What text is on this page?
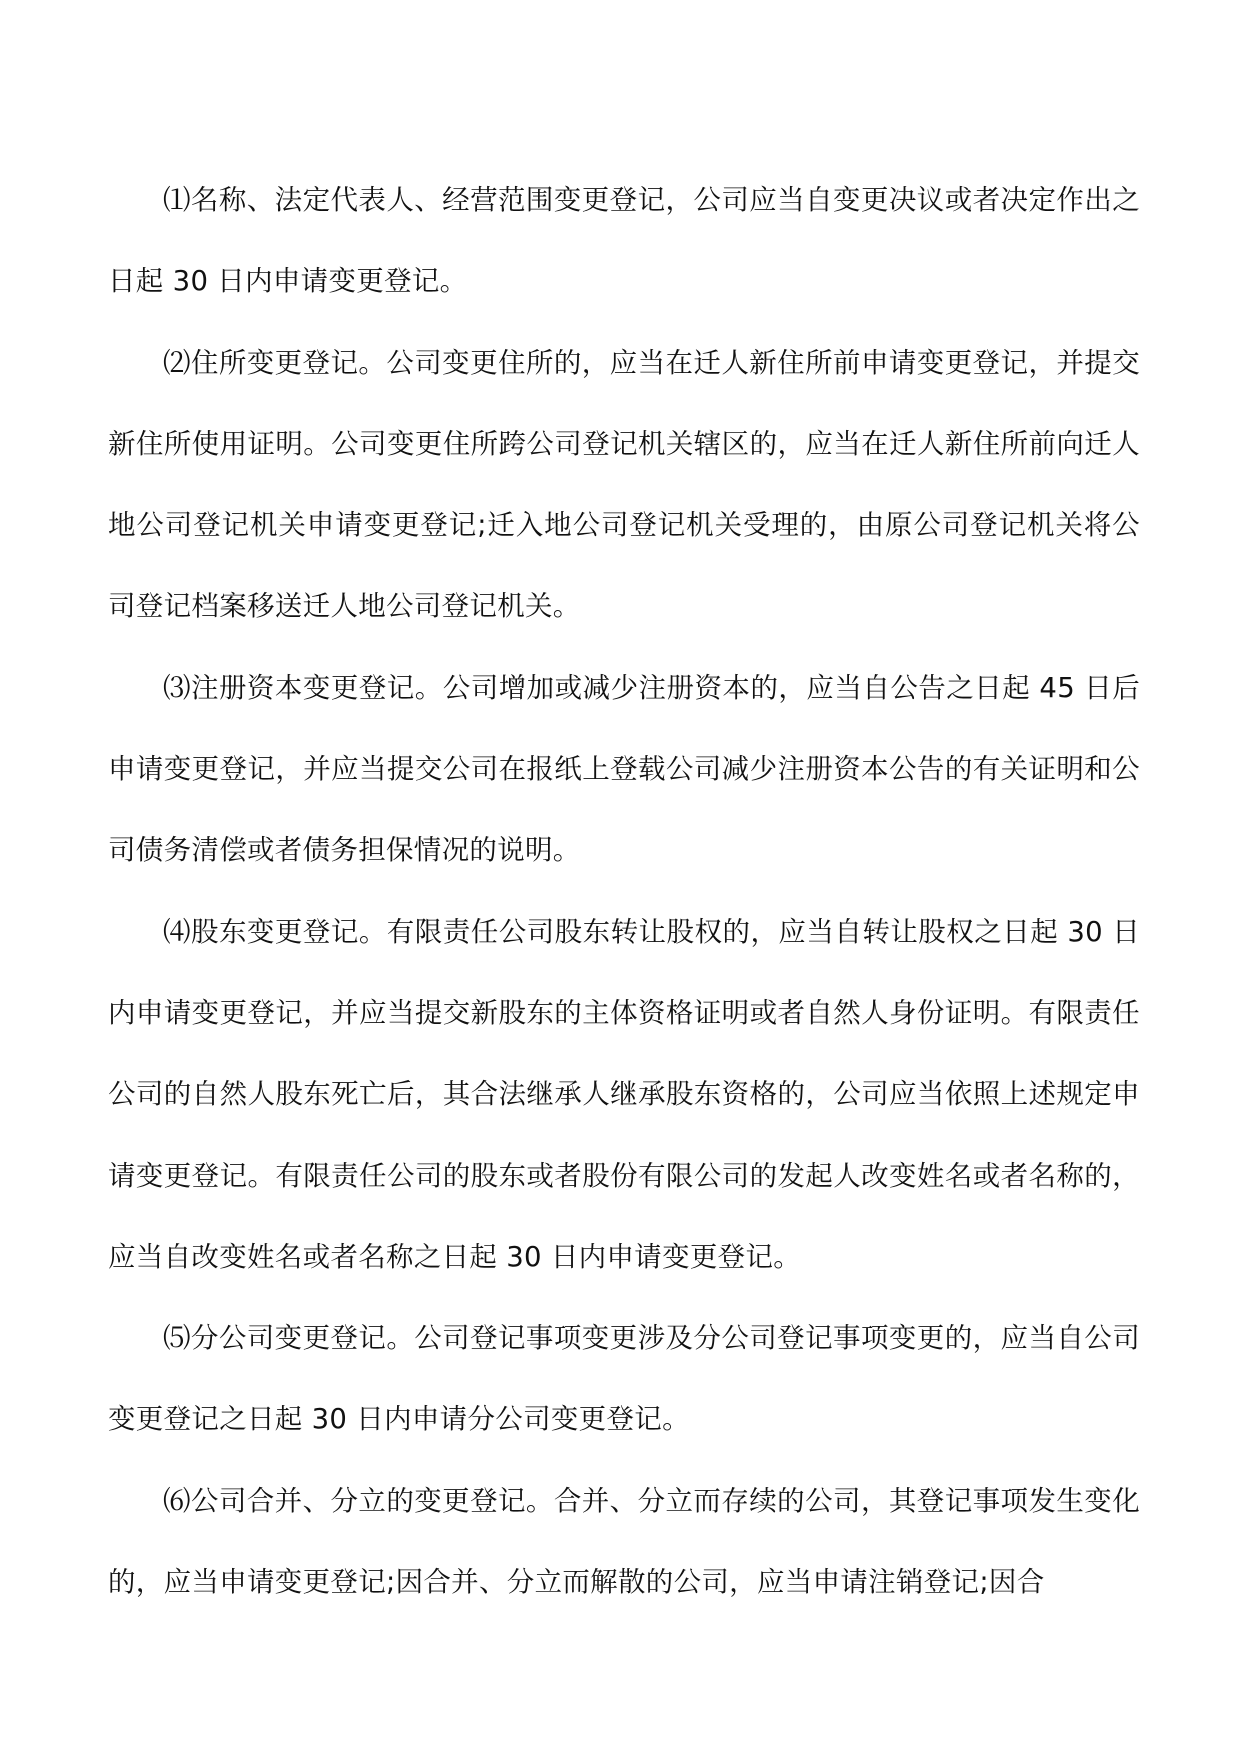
⑴名称、法定代表人、经营范围变更登记，公司应当自变更决议或者决定作出之日起 30 日内申请变更登记。

⑵住所变更登记。公司变更住所的，应当在迁人新住所前申请变更登记，并提交新住所使用证明。公司变更住所跨公司登记机关辖区的，应当在迁人新住所前向迁人地公司登记机关申请变更登记;迁入地公司登记机关受理的，由原公司登记机关将公司登记档案移送迁人地公司登记机关。

⑶注册资本变更登记。公司增加或减少注册资本的，应当自公告之日起 45 日后申请变更登记，并应当提交公司在报纸上登载公司减少注册资本公告的有关证明和公司债务清偿或者债务担保情况的说明。

⑷股东变更登记。有限责任公司股东转让股权的，应当自转让股权之日起 30 日内申请变更登记，并应当提交新股东的主体资格证明或者自然人身份证明。有限责任公司的自然人股东死亡后，其合法继承人继承股东资格的，公司应当依照上述规定申请变更登记。有限责任公司的股东或者股份有限公司的发起人改变姓名或者名称的，应当自改变姓名或者名称之日起 30 日内申请变更登记。

⑸分公司变更登记。公司登记事项变更涉及分公司登记事项变更的，应当自公司变更登记之日起 30 日内申请分公司变更登记。

⑹公司合并、分立的变更登记。合并、分立而存续的公司，其登记事项发生变化的，应当申请变更登记;因合并、分立而解散的公司，应当申请注销登记;因合
